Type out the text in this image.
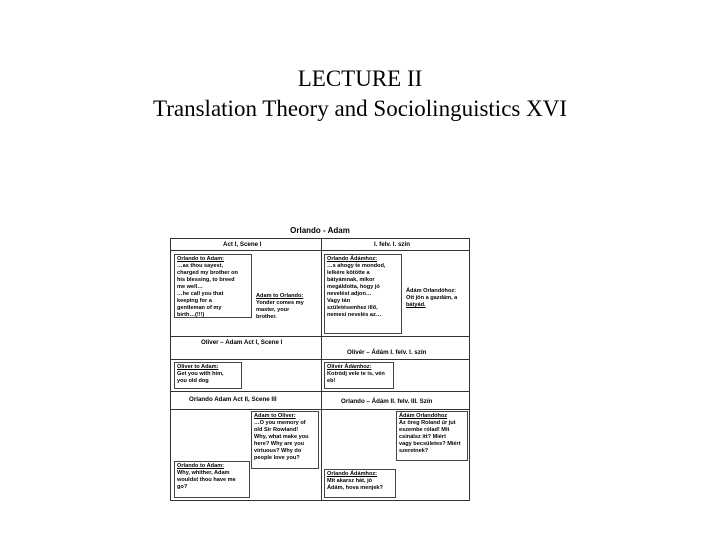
LECTURE II
Translation Theory and Sociolinguistics XVI
Orlando - Adam
Act I, Scene I	I. felv. I. szín
Orlando to Adam:
…as thou sayest,
charged my brother on
his blessing, to breed
me well…
…he call you that
keeping for a
gentleman of my
birth…(!!!)
Adam to Orlando:
Yonder comes my
master, your
brother.
Orlando Ádámhoz:
…s ahogy te mondod,
lelkére kötötte a
bátyámnak, mikor
megáldotta, hogy jó
nevelést adjon…
Vagy tán
születésemhez illő,
nemesi nevelés az…
Ádám Orlandóhoz:
Ott jön a gazdám, a
bátyád.
Oliver – Adam Act I, Scene I
Olivér – Ádám I. felv. I. szín
Oliver to Adam:
Get you with him,
you old dog
Olivér Ádámhoz:
Kotródj vele te is, vén
eb!
Orlando Adam Act II, Scene III	Orlando – Ádám II. felv. III. Szín
Adam to Oliver:
…O you memory of
old Sir Rowland!
Why, what make you
here? Why are you
virtuous? Why do
people love you?
Orlando to Adam:
Why, whither, Adam
wouldst thou have me
go?
Ádám Orlandóhoz
Az öreg Roland úr jut
eszembe rólad! Mit
csinálsz itt? Miért
vagy becsületes? Miért
szeretnek?
Orlando Ádámhoz:
Mit akarsz hát, jó
Ádám, hova menjek?
